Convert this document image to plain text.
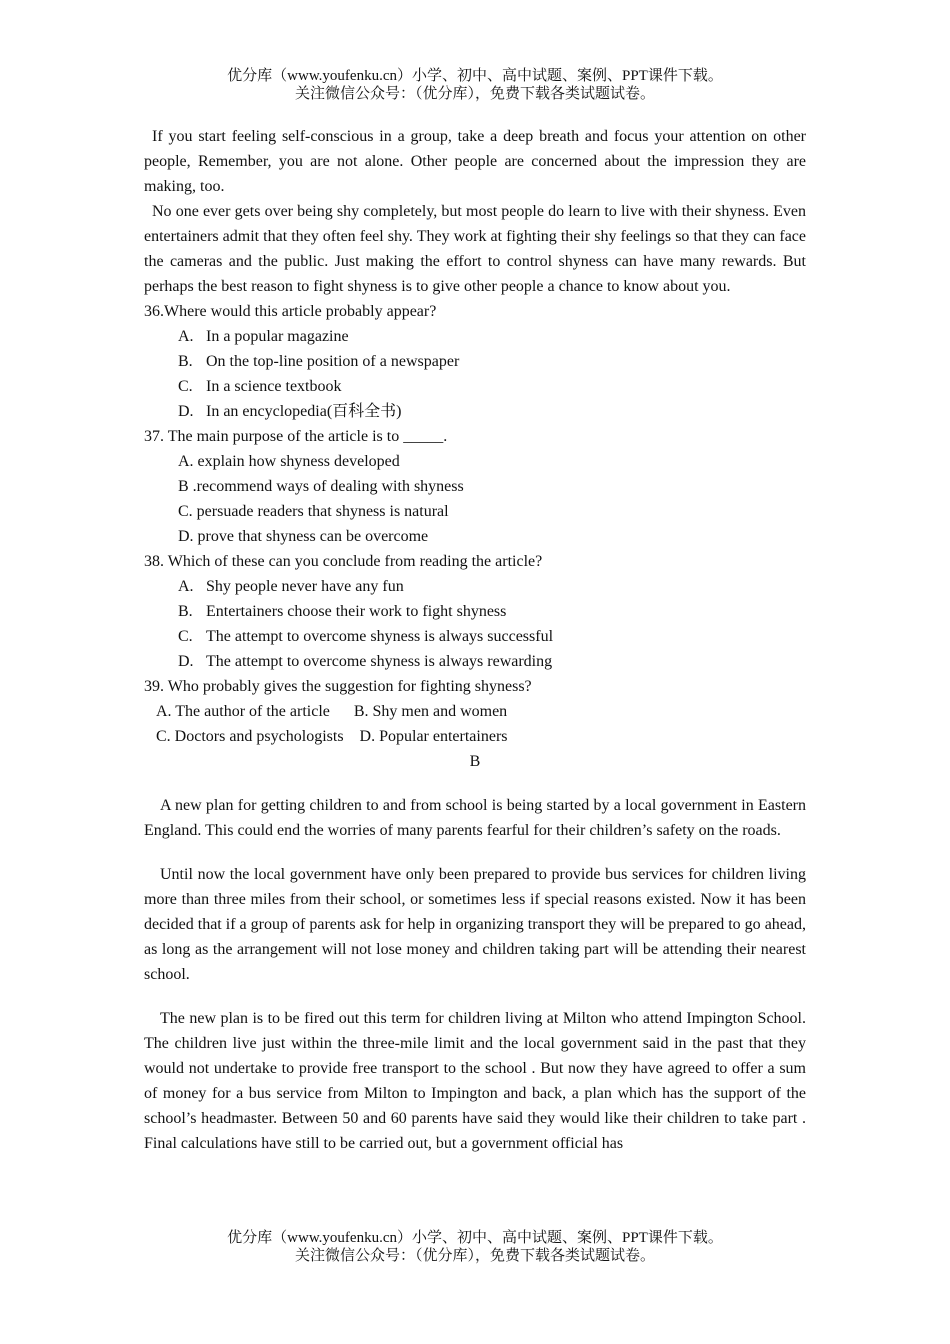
优分库（www.youfenku.cn）小学、初中、高中试题、案例、PPT课件下载。
关注微信公众号：（优分库），免费下载各类试题试卷。

If you start feeling self-conscious in a group, take a deep breath and focus your attention on other people, Remember, you are not alone. Other people are concerned about the impression they are making, too.

No one ever gets over being shy completely, but most people do learn to live with their shyness. Even entertainers admit that they often feel shy. They work at fighting their shy feelings so that they can face the cameras and the public. Just making the effort to control shyness can have many rewards. But perhaps the best reason to fight shyness is to give other people a chance to know about you.

36.Where would this article probably appear?

A. In a popular magazine

B. On the top-line position of a newspaper

C. In a science textbook

D. In an encyclopedia(百科全书)

37. The main purpose of the article is to _____.

A. explain how shyness developed

B .recommend ways of dealing with shyness

C. persuade readers that shyness is natural

D. prove that shyness can be overcome

38. Which of these can you conclude from reading the article?

A. Shy people never have any fun

B. Entertainers choose their work to fight shyness

C. The attempt to overcome shyness is always successful

D. The attempt to overcome shyness is always rewarding

39. Who probably gives the suggestion for fighting shyness?

A. The author of the article      B. Shy men and women

C. Doctors and psychologists    D. Popular entertainers

B

A new plan for getting children to and from school is being started by a local government in Eastern England. This could end the worries of many parents fearful for their children’s safety on the roads.

Until now the local government have only been prepared to provide bus services for children living more than three miles from their school, or sometimes less if special reasons existed. Now it has been decided that if a group of parents ask for help in organizing transport they will be prepared to go ahead, as long as the arrangement will not lose money and children taking part will be attending their nearest school.

The new plan is to be fired out this term for children living at Milton who attend Impington School. The children live just within the three-mile limit and the local government said in the past that they would not undertake to provide free transport to the school . But now they have agreed to offer a sum of money for a bus service from Milton to Impington and back, a plan which has the support of the school’s headmaster. Between 50 and 60 parents have said they would like their children to take part . Final calculations have still to be carried out, but a government official has

优分库（www.youfenku.cn）小学、初中、高中试题、案例、PPT课件下载。
关注微信公众号：（优分库），免费下载各类试题试卷。
